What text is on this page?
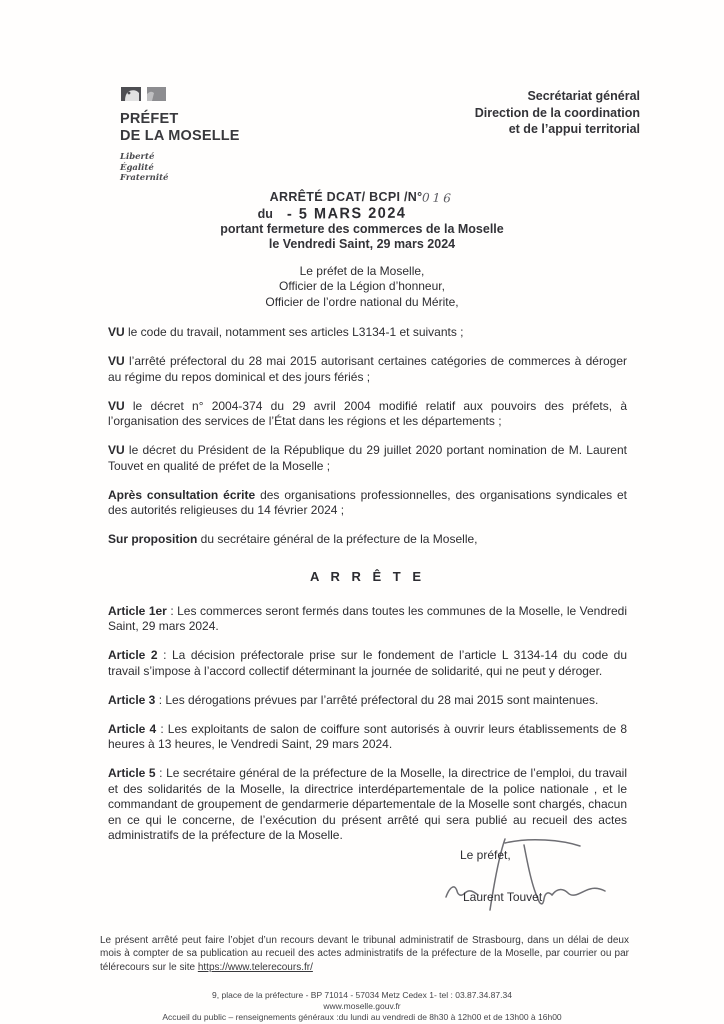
PRÉFET
DE LA MOSELLE
Liberté
Égalité
Fraternité
Secrétariat général
Direction de la coordination
et de l’appui territorial
ARRÊTÉ DCAT/ BCPI /N°016
du - 5 MARS 2024
portant fermeture des commerces de la Moselle
le Vendredi Saint, 29 mars 2024
Le préfet de la Moselle,
Officier de la Légion d’honneur,
Officier de l’ordre national du Mérite,

VU le code du travail, notamment ses articles L3134-1 et suivants ;

VU l’arrêté préfectoral du 28 mai 2015 autorisant certaines catégories de commerces à déroger au régime du repos dominical et des jours fériés ;

VU le décret n° 2004-374 du 29 avril 2004 modifié relatif aux pouvoirs des préfets, à l’organisation des services de l’État dans les régions et les départements ;

VU le décret du Président de la République du 29 juillet 2020 portant nomination de M. Laurent Touvet en qualité de préfet de la Moselle ;

Après consultation écrite des organisations professionnelles, des organisations syndicales et des autorités religieuses du 14 février 2024 ;

Sur proposition du secrétaire général de la préfecture de la Moselle,

A R R Ê T E

Article 1er : Les commerces seront fermés dans toutes les communes de la Moselle, le Vendredi Saint, 29 mars 2024.

Article 2 : La décision préfectorale prise sur le fondement de l’article L 3134-14 du code du travail s’impose à l’accord collectif déterminant la journée de solidarité, qui ne peut y déroger.

Article 3 : Les dérogations prévues par l’arrêté préfectoral du 28 mai 2015 sont maintenues.

Article 4 : Les exploitants de salon de coiffure sont autorisés à ouvrir leurs établissements de 8 heures à 13 heures, le Vendredi Saint, 29 mars 2024.

Article 5 : Le secrétaire général de la préfecture de la Moselle, la directrice de l’emploi, du travail et des solidarités de la Moselle, la directrice interdépartementale de la police nationale , et le commandant de groupement de gendarmerie départementale de la Moselle sont chargés, chacun en ce qui le concerne, de l’exécution du présent arrêté qui sera publié au recueil des actes administratifs de la préfecture de la Moselle.

Le préfet,
Laurent Touvet
Le présent arrêté peut faire l’objet d’un recours devant le tribunal administratif de Strasbourg, dans un délai de deux mois à compter de sa publication au recueil des actes administratifs de la préfecture de la Moselle, par courrier ou par télérecours sur le site https://www.telerecours.fr/
9, place de la préfecture - BP 71014 - 57034 Metz Cedex 1- tel : 03.87.34.87.34
www.moselle.gouv.fr
Accueil du public – renseignements généraux :du lundi au vendredi de 8h30 à 12h00 et de 13h00 à 16h00
